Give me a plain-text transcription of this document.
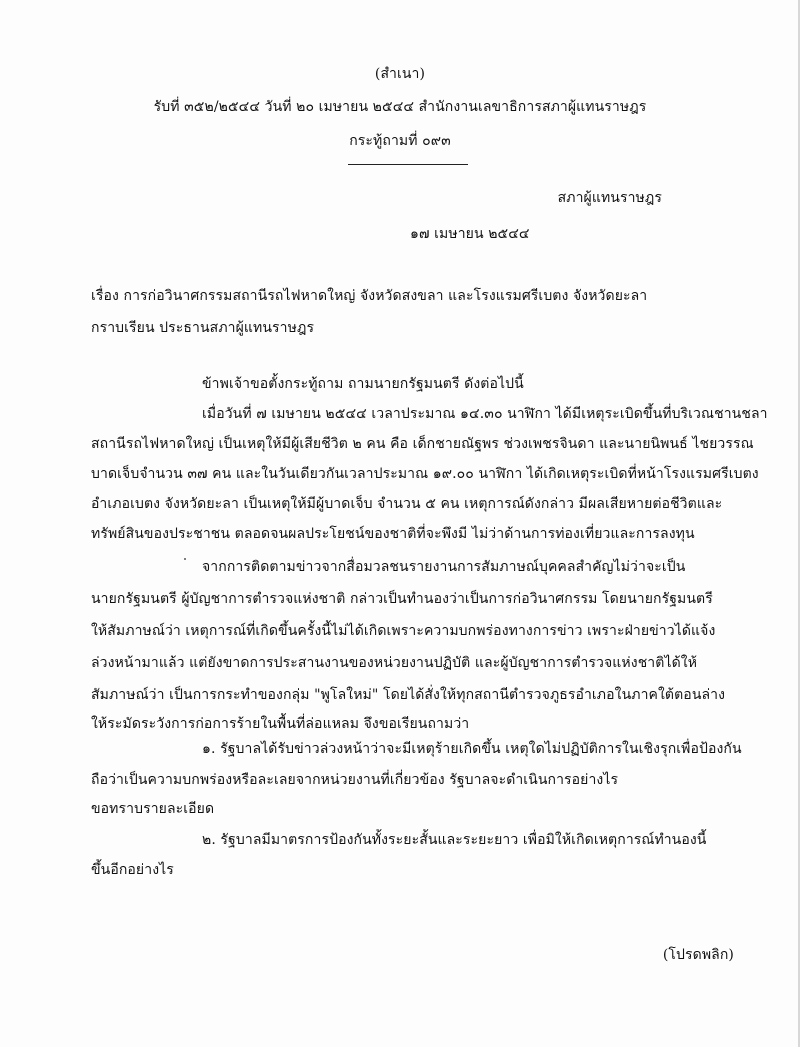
(สำเนา)
รับที่ ๓๕๒/๒๕๔๔ วันที่ ๒๐ เมษายน ๒๕๔๔ สำนักงานเลขาธิการสภาผู้แทนราษฎร
กระทู้ถามที่ ๐๙๓
สภาผู้แทนราษฎร
๑๗ เมษายน ๒๕๔๔
เรื่อง การก่อวินาศกรรมสถานีรถไฟหาดใหญ่ จังหวัดสงขลา และโรงแรมศรีเบตง จังหวัดยะลา
กราบเรียน ประธานสภาผู้แทนราษฎร
ข้าพเจ้าขอตั้งกระทู้ถาม ถามนายกรัฐมนตรี ดังต่อไปนี้
เมื่อวันที่ ๗ เมษายน ๒๕๔๔ เวลาประมาณ ๑๔.๓๐ นาฬิกา ได้มีเหตุระเบิดขึ้นที่บริเวณชานชลา
สถานีรถไฟหาดใหญ่ เป็นเหตุให้มีผู้เสียชีวิต ๒ คน คือ เด็กชายณัฐพร ช่วงเพชรจินดา และนายนิพนธ์ ไชยวรรณ
บาดเจ็บจำนวน ๓๗ คน และในวันเดียวกันเวลาประมาณ ๑๙.๐๐ นาฬิกา ได้เกิดเหตุระเบิดที่หน้าโรงแรมศรีเบตง
อำเภอเบตง จังหวัดยะลา เป็นเหตุให้มีผู้บาดเจ็บ จำนวน ๕ คน เหตุการณ์ดังกล่าว มีผลเสียหายต่อชีวิตและ
ทรัพย์สินของประชาชน ตลอดจนผลประโยชน์ของชาติที่จะพึงมี ไม่ว่าด้านการท่องเที่ยวและการลงทุน
จากการติดตามข่าวจากสื่อมวลชนรายงานการสัมภาษณ์บุคคลสำคัญไม่ว่าจะเป็น
นายกรัฐมนตรี ผู้บัญชาการตำรวจแห่งชาติ กล่าวเป็นทำนองว่าเป็นการก่อวินาศกรรม โดยนายกรัฐมนตรี
ให้สัมภาษณ์ว่า เหตุการณ์ที่เกิดขึ้นครั้งนี้ไม่ได้เกิดเพราะความบกพร่องทางการข่าว เพราะฝ่ายข่าวได้แจ้ง
ล่วงหน้ามาแล้ว แต่ยังขาดการประสานงานของหน่วยงานปฏิบัติ และผู้บัญชาการตำรวจแห่งชาติได้ให้
สัมภาษณ์ว่า เป็นการกระทำของกลุ่ม "พูโลใหม่" โดยได้สั่งให้ทุกสถานีตำรวจภูธรอำเภอในภาคใต้ตอนล่าง
ให้ระมัดระวังการก่อการร้ายในพื้นที่ล่อแหลม จึงขอเรียนถามว่า
๑. รัฐบาลได้รับข่าวล่วงหน้าว่าจะมีเหตุร้ายเกิดขึ้น เหตุใดไม่ปฏิบัติการในเชิงรุกเพื่อป้องกัน
ถือว่าเป็นความบกพร่องหรือละเลยจากหน่วยงานที่เกี่ยวข้อง รัฐบาลจะดำเนินการอย่างไร
ขอทราบรายละเอียด
๒. รัฐบาลมีมาตรการป้องกันทั้งระยะสั้นและระยะยาว เพื่อมิให้เกิดเหตุการณ์ทำนองนี้
ขึ้นอีกอย่างไร
(โปรดพลิก)
